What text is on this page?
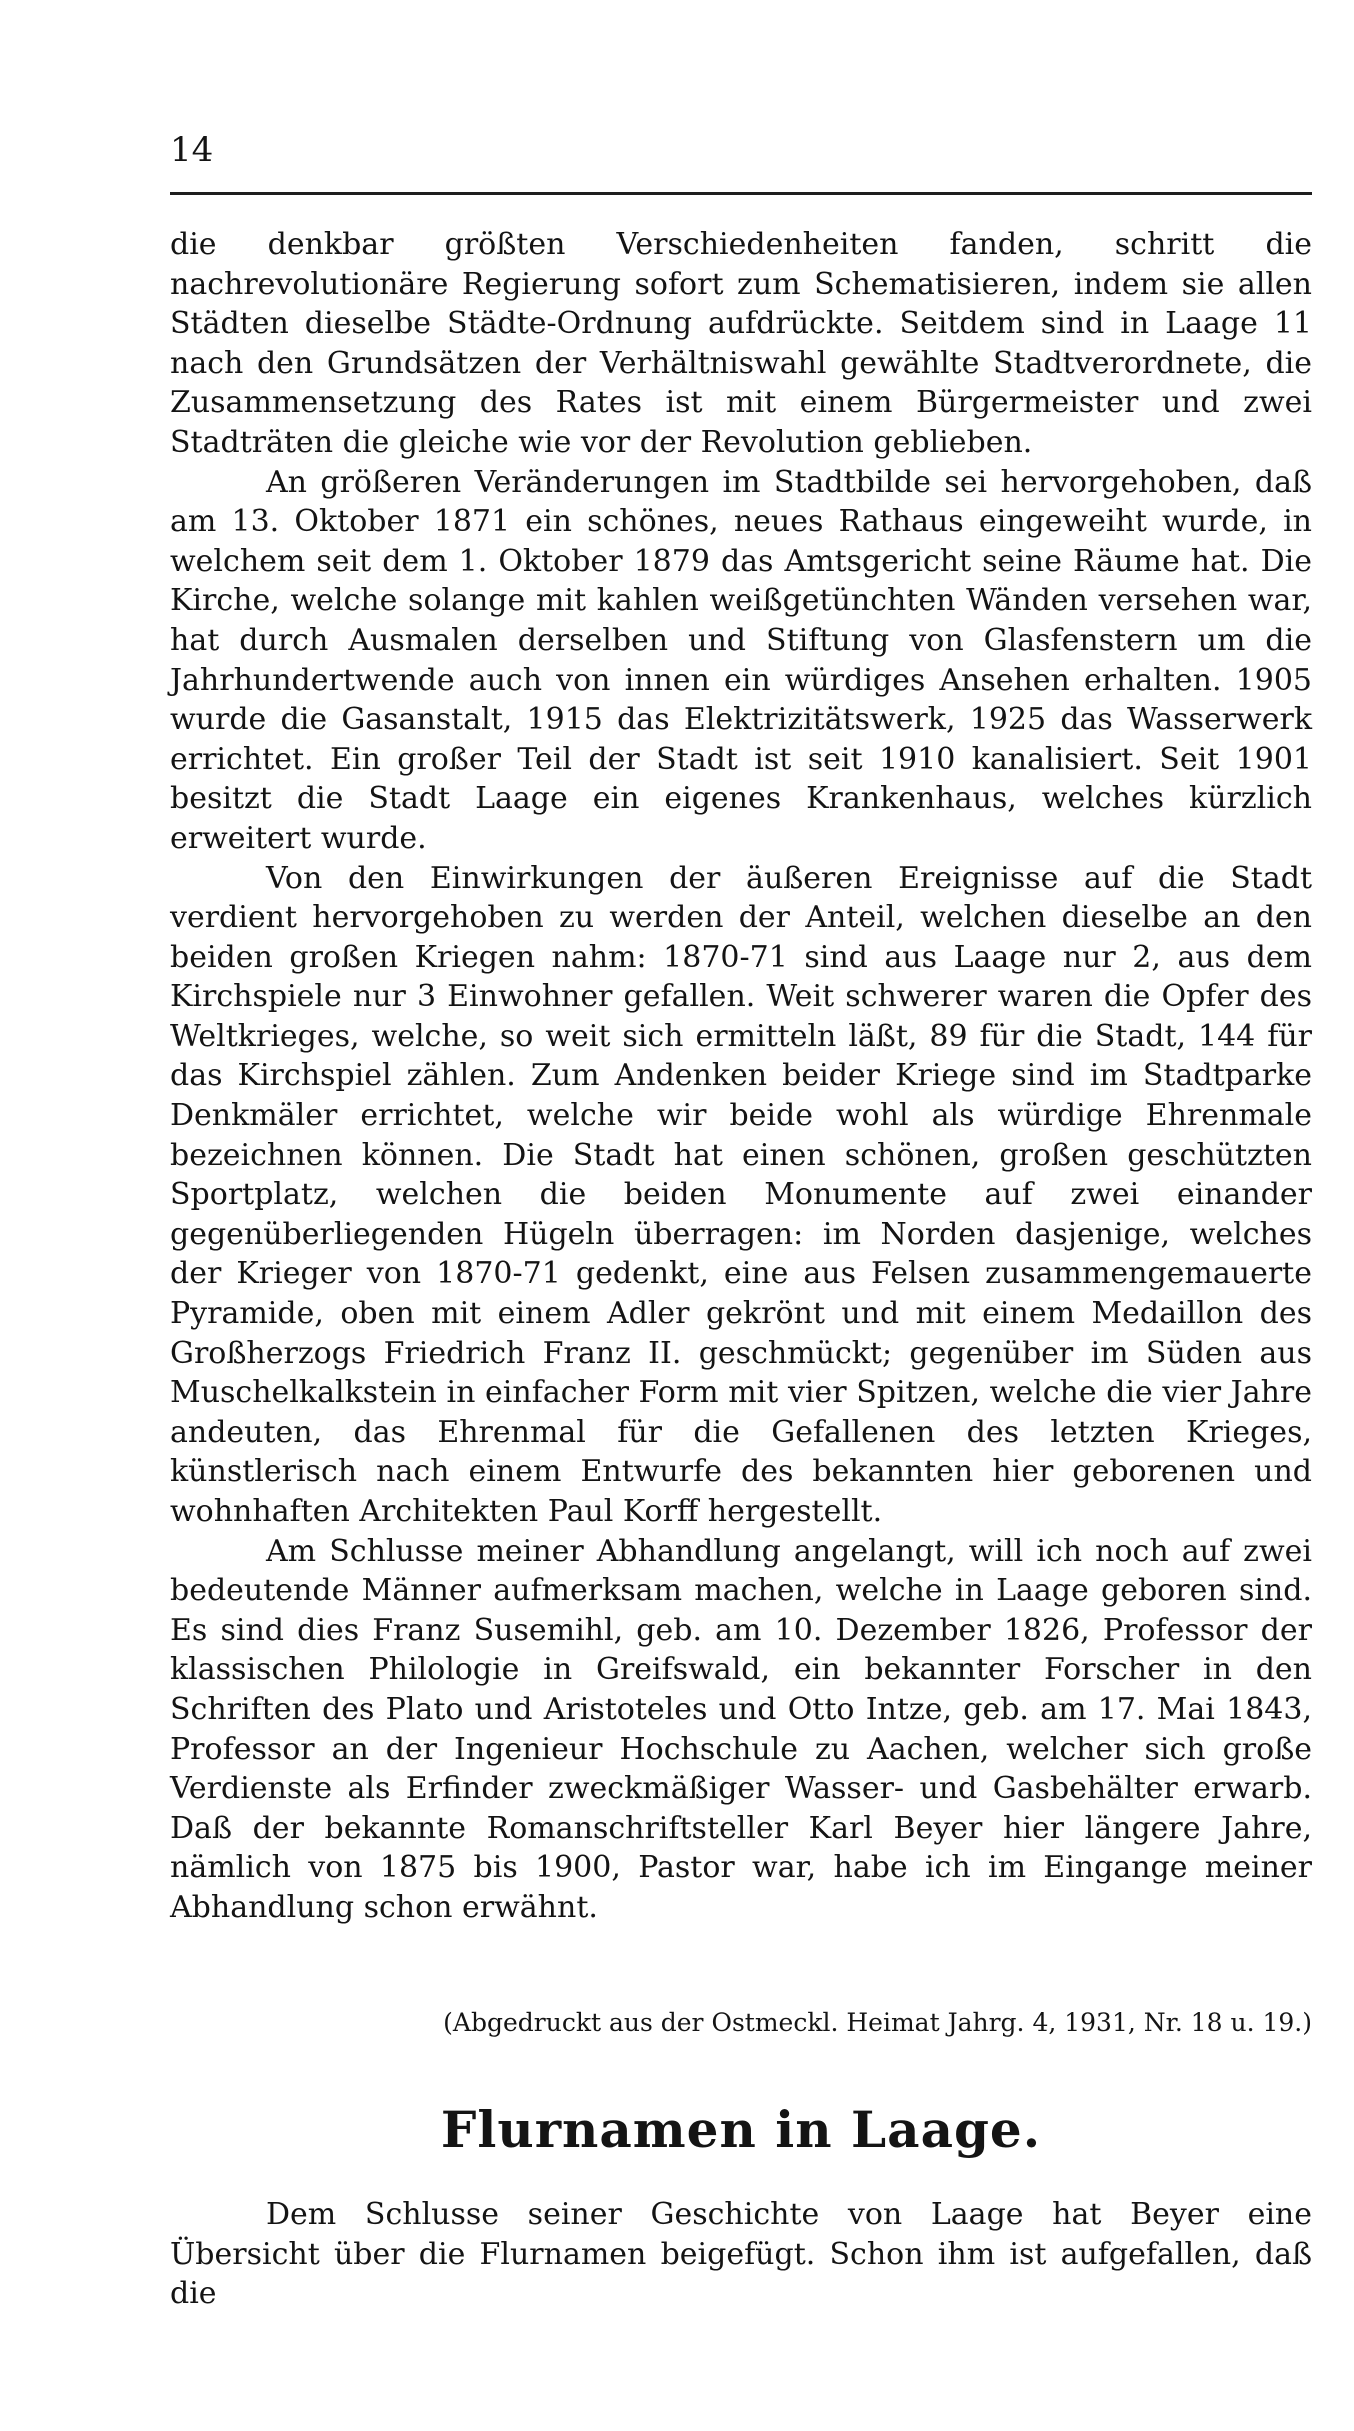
14

die denkbar größten Verschiedenheiten fanden, schritt die nachrevolutionäre Regierung sofort zum Schematisieren, indem sie allen Städten dieselbe Städte-Ordnung aufdrückte. Seitdem sind in Laage 11 nach den Grundsätzen der Verhältniswahl gewählte Stadtverordnete, die Zusammensetzung des Rates ist mit einem Bürgermeister und zwei Stadträten die gleiche wie vor der Revolution geblieben.

An größeren Veränderungen im Stadtbilde sei hervorgehoben, daß am 13. Oktober 1871 ein schönes, neues Rathaus eingeweiht wurde, in welchem seit dem 1. Oktober 1879 das Amtsgericht seine Räume hat. Die Kirche, welche solange mit kahlen weißgetünchten Wänden versehen war, hat durch Ausmalen derselben und Stiftung von Glasfenstern um die Jahrhundertwende auch von innen ein würdiges Ansehen erhalten. 1905 wurde die Gasanstalt, 1915 das Elektrizitätswerk, 1925 das Wasserwerk errichtet. Ein großer Teil der Stadt ist seit 1910 kanalisiert. Seit 1901 besitzt die Stadt Laage ein eigenes Krankenhaus, welches kürzlich erweitert wurde.

Von den Einwirkungen der äußeren Ereignisse auf die Stadt verdient hervorgehoben zu werden der Anteil, welchen dieselbe an den beiden großen Kriegen nahm: 1870-71 sind aus Laage nur 2, aus dem Kirchspiele nur 3 Einwohner gefallen. Weit schwerer waren die Opfer des Weltkrieges, welche, so weit sich ermitteln läßt, 89 für die Stadt, 144 für das Kirchspiel zählen. Zum Andenken beider Kriege sind im Stadtparke Denkmäler errichtet, welche wir beide wohl als würdige Ehrenmale bezeichnen können. Die Stadt hat einen schönen, großen geschützten Sportplatz, welchen die beiden Monumente auf zwei einander gegenüberliegenden Hügeln überragen: im Norden dasjenige, welches der Krieger von 1870-71 gedenkt, eine aus Felsen zusammengemauerte Pyramide, oben mit einem Adler gekrönt und mit einem Medaillon des Großherzogs Friedrich Franz II. geschmückt; gegenüber im Süden aus Muschelkalkstein in einfacher Form mit vier Spitzen, welche die vier Jahre andeuten, das Ehrenmal für die Gefallenen des letzten Krieges, künstlerisch nach einem Entwurfe des bekannten hier geborenen und wohnhaften Architekten Paul Korff hergestellt.

Am Schlusse meiner Abhandlung angelangt, will ich noch auf zwei bedeutende Männer aufmerksam machen, welche in Laage geboren sind. Es sind dies Franz Susemihl, geb. am 10. Dezember 1826, Professor der klassischen Philologie in Greifswald, ein bekannter Forscher in den Schriften des Plato und Aristoteles und Otto Intze, geb. am 17. Mai 1843, Professor an der Ingenieur Hochschule zu Aachen, welcher sich große Verdienste als Erfinder zweckmäßiger Wasser- und Gasbehälter erwarb. Daß der bekannte Romanschriftsteller Karl Beyer hier längere Jahre, nämlich von 1875 bis 1900, Pastor war, habe ich im Eingange meiner Abhandlung schon erwähnt.

(Abgedruckt aus der Ostmeckl. Heimat Jahrg. 4, 1931, Nr. 18 u. 19.)
Flurnamen in Laage.

Dem Schlusse seiner Geschichte von Laage hat Beyer eine Übersicht über die Flurnamen beigefügt. Schon ihm ist aufgefallen, daß die
